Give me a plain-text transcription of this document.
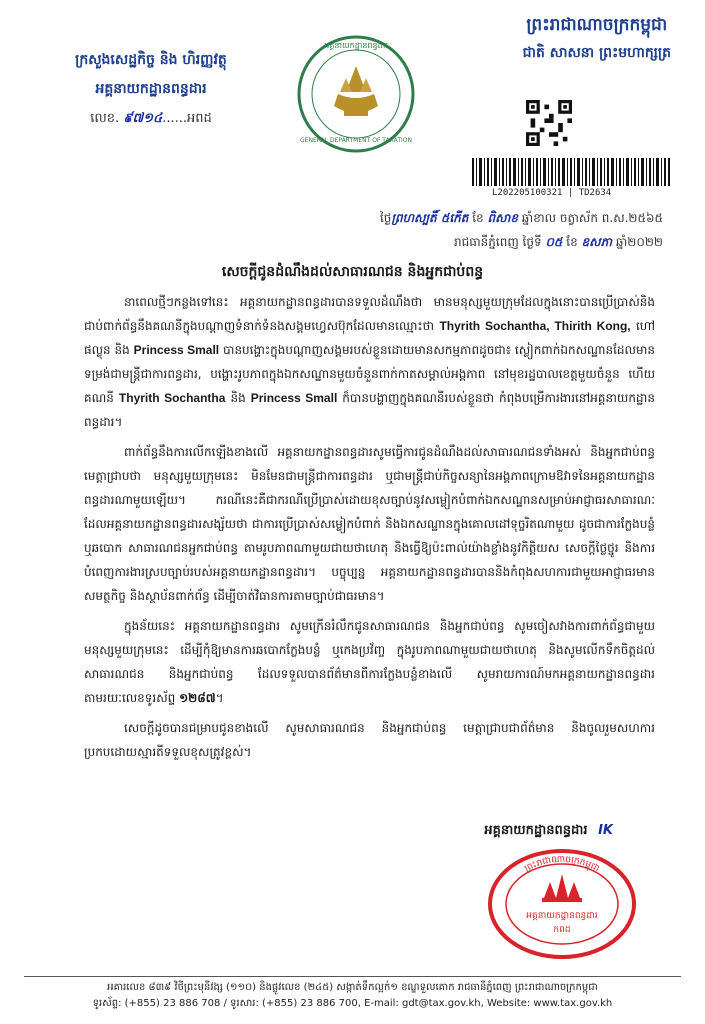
ព្រះរាជាណាចក្រកម្ពុជា
ជាតិ សាសនា ព្រះមហាក្សត្រ
ក្រសួងសេដ្ឋកិច្ច និង ហិរញ្ញវត្ថុ
អគ្គនាយកដ្ឋានពន្ធដារ
លេខ. ៩៧១៤......អពដ
អគ្គនាយកដ្ឋានពន្ធដារ
GENERAL DEPARTMENT OF TAXATION
L202205100321 | TD2634
ថ្ងៃព្រហស្បតិ៍ ៥កើត ខែ ពិសាខ ឆ្នាំខាល ចត្វាស័ក ព.ស.២៥៦៥
រាជធានីភ្នំពេញ ថ្ងៃទី ០៥ ខែ ឧសភា ឆ្នាំ២០២២
សេចក្តីជូនដំណឹងដល់សាធារណជន និងអ្នកជាប់ពន្ធ

នាពេលថ្មីៗកន្លងទៅនេះ អគ្គនាយកដ្ឋានពន្ធដារបានទទួលដំណឹងថា មានមនុស្សមួយក្រុមដែលក្នុងនោះបានប្រើប្រាស់និងជាប់ពាក់ព័ន្ធនឹងគណនីក្នុងបណ្តាញទំនាក់ទំនងសង្គមហ្វេសប៊ុកដែលមានឈ្មោះថា Thyrith Sochantha, Thirith Kong, ហៅ ផល្លុន និង Princess Small បានបង្ហោះក្នុងបណ្តាញសង្គមរបស់ខ្លួនដោយមានសកម្មភាពដូចជា៖ ស្លៀកពាក់ឯកសណ្ឋានដែលមានទម្រង់ជាមន្ត្រីជាការពន្ធដារ, បង្ហោះរូបភាពក្នុងឯកសណ្ឋានមួយចំនួនពាក់កាតសម្គាល់អង្គភាព នៅមុខរដ្ឋបាលខេត្តមួយចំនួន ហើយគណនី Thyrith Sochantha និង Princess Small ក៏បានបង្ហាញក្នុងគណនីរបស់ខ្លួនថា កំពុងបម្រើការងារនៅអគ្គនាយកដ្ឋានពន្ធដារ។

ពាក់ព័ន្ធនឹងការលើកឡើងខាងលើ អគ្គនាយកដ្ឋានពន្ធដារសូមធ្វើការជូនដំណឹងដល់សាធារណជនទាំងអស់ និងអ្នកជាប់ពន្ធ មេត្តាជ្រាបថា មនុស្សមួយក្រុមនេះ មិនមែនជាមន្ត្រីជាការពន្ធដារ ឬជាមន្ត្រីជាប់កិច្ចសន្យានៃអង្គភាពក្រោមឱវាទនៃអគ្គនាយកដ្ឋានពន្ធដារណាមួយឡើយ។ ករណីនេះគឺជាករណីប្រើប្រាស់ដោយខុសច្បាប់នូវសម្លៀកបំពាក់ឯកសណ្ឋានសម្រាប់អាជ្ញាធរសាធារណៈ ដែលអគ្គនាយកដ្ឋានពន្ធដារសង្ស័យថា ជាការប្រើប្រាស់សម្លៀកបំពាក់ និងឯកសណ្ឋានក្នុងគោលដៅទុច្ចរិតណាមួយ ដូចជាការក្លែងបន្លំ ឬឆបោក សាធារណជនអ្នកជាប់ពន្ធ តាមរូបភាពណាមួយជាយថាហេតុ និងធ្វើឱ្យប៉ះពាល់យ៉ាងខ្លាំងនូវកិត្តិយស សេចក្តីថ្លៃថ្នូរ និងការបំពេញការងារស្របច្បាប់របស់អគ្គនាយកដ្ឋានពន្ធដារ។ បច្ចុប្បន្ន អគ្គនាយកដ្ឋានពន្ធដារបាននិងកំពុងសហការជាមួយអាជ្ញាធរមានសមត្ថកិច្ច និងស្ថាប័នពាក់ព័ន្ធ ដើម្បីចាត់វិធានការតាមច្បាប់ជាធរមាន។

ក្នុងន័យនេះ អគ្គនាយកដ្ឋានពន្ធដារ សូមក្រើនរំលឹកជូនសាធារណជន និងអ្នកជាប់ពន្ធ សូមចៀសវាងការពាក់ព័ន្ធជាមួយមនុស្សមួយក្រុមនេះ ដើម្បីកុំឱ្យមានការឆបោកក្លែងបន្លំ ឬកេងប្រវ័ញ្ច ក្នុងរូបភាពណាមួយជាយថាហេតុ និងសូមលើកទឹកចិត្តដល់សាធារណជន និងអ្នកជាប់ពន្ធ ដែលទទួលបានព័ត៌មានពីការក្លែងបន្លំខាងលើ សូមរាយការណ៍មកអគ្គនាយកដ្ឋានពន្ធដារ តាមរយៈលេខទូរស័ព្ទ ១២៨៧។

សេចក្តីដូចបានជម្រាបជូនខាងលើ សូមសាធារណជន និងអ្នកជាប់ពន្ធ មេត្តាជ្រាបជាព័ត៌មាន និងចូលរួមសហការប្រកបដោយស្មារតីទទួលខុសត្រូវខ្ពស់។

អគ្គនាយកដ្ឋានពន្ធដារ IK
ព្រះរាជាណាចក្រកម្ពុជា
អគ្គនាយកដ្ឋានពន្ធដារ
កពដ
អគារលេខ ៨៣៩ វិថីព្រះមុនីវង្ស (១១០) និងផ្លូវលេខ (២៤៥) សង្កាត់ទឹកល្អក់១ ខណ្ឌទួលគោក រាជធានីភ្នំពេញ ព្រះរាជាណាចក្រកម្ពុជា
ទូរស័ព្ទ: (+855) 23 886 708 / ទូរសារ: (+855) 23 886 700, E-mail: gdt@tax.gov.kh, Website: www.tax.gov.kh
